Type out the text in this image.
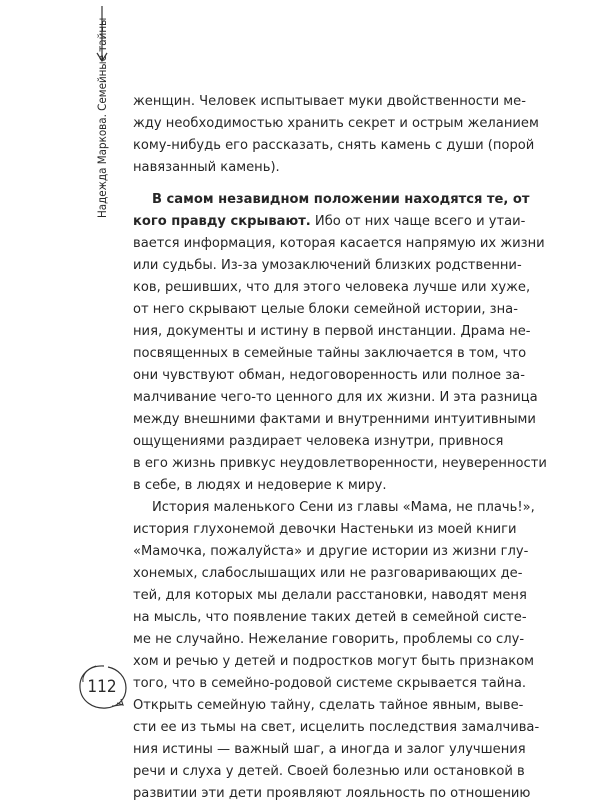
Надежда Маркова. Семейные тайны женщин. Человек испытывает муки двойственности ме-
жду необходимостью хранить секрет и острым желанием
кому-нибудь его рассказать, снять камень с души (порой
навязанный камень).
В самом незавидном положении находятся те, от
кого правду скрывают. Ибо от них чаще всего и утаи-
вается информация, которая касается напрямую их жизни
или судьбы. Из-за умозаключений близких родственни-
ков, решивших, что для этого человека лучше или хуже,
от него скрывают целые блоки семейной истории, зна-
ния, документы и истину в первой инстанции. Драма не-
посвященных в семейные тайны заключается в том, что
они чувствуют обман, недоговоренность или полное за-
малчивание чего-то ценного для их жизни. И эта разница
между внешними фактами и внутренними интуитивными
ощущениями раздирает человека изнутри, привнося
в его жизнь привкус неудовлетворенности, неуверенности
в себе, в людях и недоверие к миру.
История маленького Сени из главы «Мама, не плачь!»,
история глухонемой девочки Настеньки из моей книги
«Мамочка, пожалуйста» и другие истории из жизни глу-
хонемых, слабослышащих или не разговаривающих де-
тей, для которых мы делали расстановки, наводят меня
на мысль, что появление таких детей в семейной систе-
ме не случайно. Нежелание говорить, проблемы со слу-
хом и речью у детей и подростков могут быть признаком
того, что в семейно-родовой системе скрывается тайна.
Открыть семейную тайну, сделать тайное явным, выве-
сти ее из тьмы на свет, исцелить последствия замалчива-
ния истины — важный шаг, а иногда и залог улучшения
речи и слуха у детей. Своей болезнью или остановкой в
развитии эти дети проявляют лояльность по отношению
112
